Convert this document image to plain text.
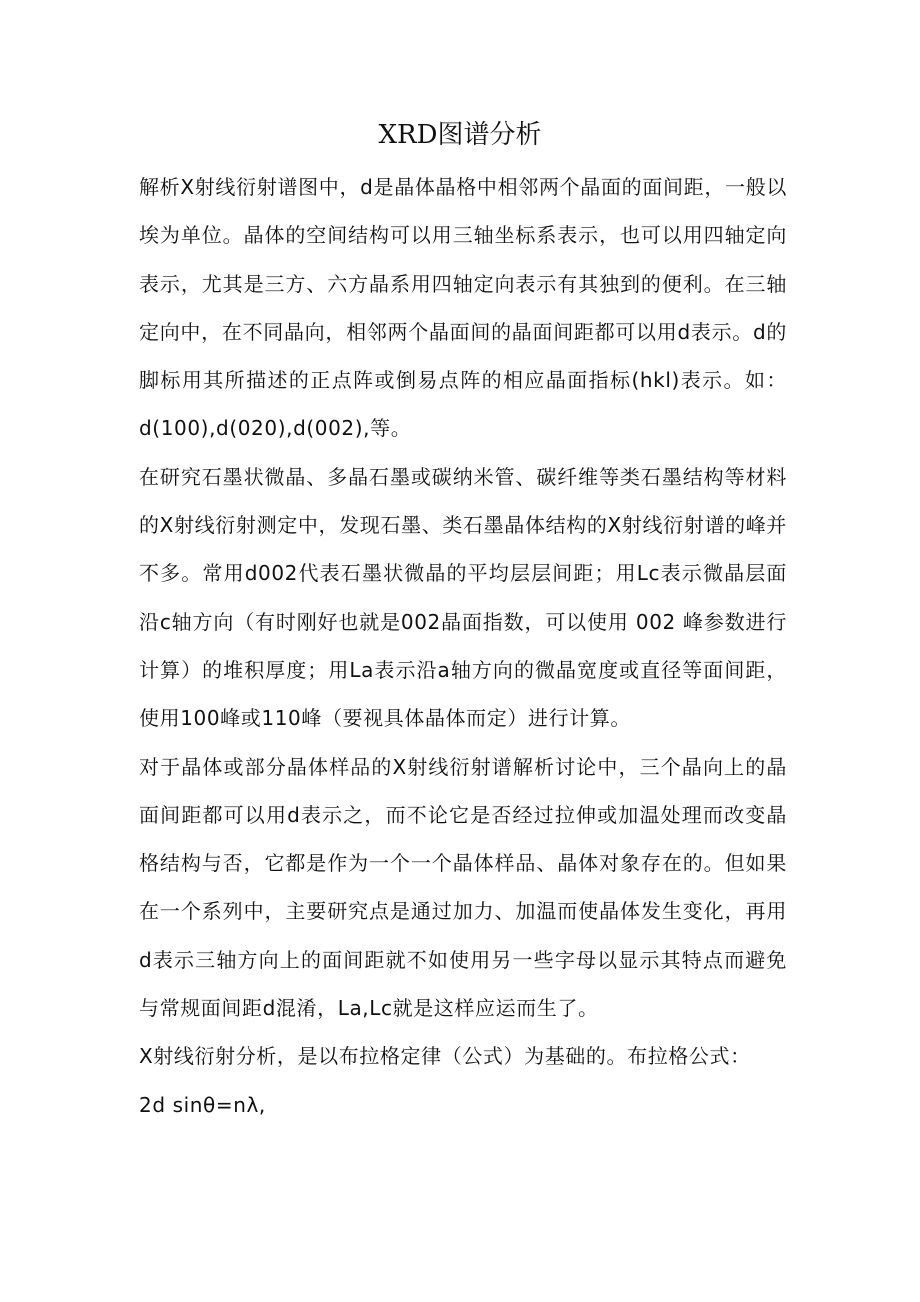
XRD图谱分析

解析X射线衍射谱图中，d是晶体晶格中相邻两个晶面的面间距，一般以埃为单位。晶体的空间结构可以用三轴坐标系表示，也可以用四轴定向表示，尤其是三方、六方晶系用四轴定向表示有其独到的便利。在三轴定向中，在不同晶向，相邻两个晶面间的晶面间距都可以用d表示。d的脚标用其所描述的正点阵或倒易点阵的相应晶面指标(hkl)表示。如：d(100),d(020),d(002),等。

在研究石墨状微晶、多晶石墨或碳纳米管、碳纤维等类石墨结构等材料的X射线衍射测定中，发现石墨、类石墨晶体结构的X射线衍射谱的峰并不多。常用d002代表石墨状微晶的平均层层间距；用Lc表示微晶层面沿c轴方向（有时刚好也就是002晶面指数，可以使用 002 峰参数进行计算）的堆积厚度；用La表示沿a轴方向的微晶宽度或直径等面间距，使用100峰或110峰（要视具体晶体而定）进行计算。

对于晶体或部分晶体样品的X射线衍射谱解析讨论中，三个晶向上的晶面间距都可以用d表示之，而不论它是否经过拉伸或加温处理而改变晶格结构与否，它都是作为一个一个晶体样品、晶体对象存在的。但如果在一个系列中，主要研究点是通过加力、加温而使晶体发生变化，再用d表示三轴方向上的面间距就不如使用另一些字母以显示其特点而避免与常规面间距d混淆，La,Lc就是这样应运而生了。

X射线衍射分析，是以布拉格定律（公式）为基础的。布拉格公式：

2d sinθ=nλ,
